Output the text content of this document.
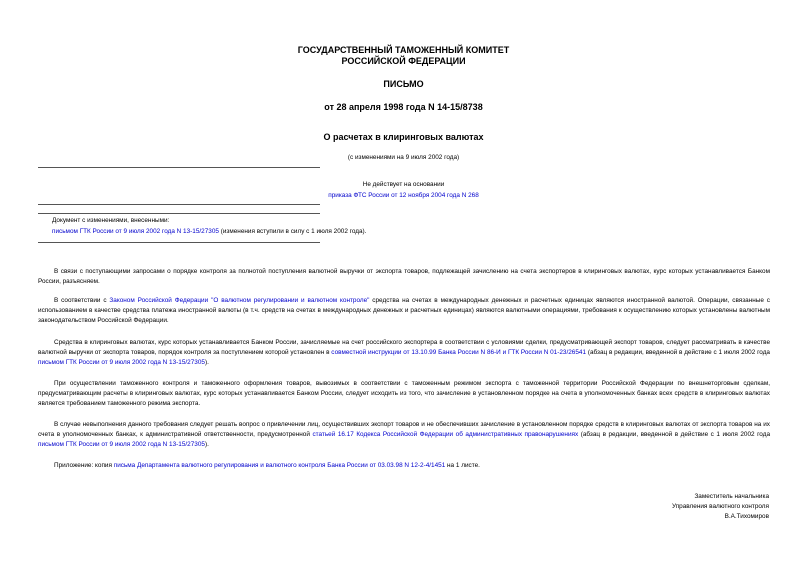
ГОСУДАРСТВЕННЫЙ ТАМОЖЕННЫЙ КОМИТЕТ
РОССИЙСКОЙ ФЕДЕРАЦИИ
ПИСЬМО
от 28 апреля 1998 года N 14-15/8738
О расчетах в клиринговых валютах
(с изменениями на 9 июля 2002 года)
Не действует на основании
приказа ФТС России от 12 ноября 2004 года N 268
Документ с изменениями, внесенными:
письмом ГТК России от 9 июля 2002 года N 13-15/27305 (изменения вступили в силу с 1 июля 2002 года).
В связи с поступающими запросами о порядке контроля за полнотой поступления валютной выручки от экспорта товаров, подлежащей зачислению на счета экспортеров в клиринговых валютах, курс которых устанавливается Банком России, разъясняем.
В соответствии с Законом Российской Федерации "О валютном регулировании и валютном контроле" средства на счетах в международных денежных и расчетных единицах являются иностранной валютой. Операции, связанные с использованием в качестве средства платежа иностранной валюты (в т.ч. средств на счетах в международных денежных и расчетных единицах) являются валютными операциями, требования к осуществлению которых установлены валютным законодательством Российской Федерации.
Средства в клиринговых валютах, курс которых устанавливается Банком России, зачисляемые на счет российского экспортера в соответствии с условиями сделки, предусматривающей экспорт товаров, следует рассматривать в качестве валютной выручки от экспорта товаров, порядок контроля за поступлением которой установлен в совместной инструкции от 13.10.99 Банка России N 86-И и ГТК России N 01-23/26541 (абзац в редакции, введенной в действие с 1 июля 2002 года письмом ГТК России от 9 июля 2002 года N 13-15/27305).
При осуществлении таможенного контроля и таможенного оформления товаров, вывозимых в соответствии с таможенным режимом экспорта с таможенной территории Российской Федерации по внешнеторговым сделкам, предусматривающим расчеты в клиринговых валютах, курс которых устанавливается Банком России, следует исходить из того, что зачисление в установленном порядке на счета в уполномоченных банках всех средств в клиринговых валютах является требованием таможенного режима экспорта.
В случае невыполнения данного требования следует решать вопрос о привлечении лиц, осуществивших экспорт товаров и не обеспечивших зачисление в установленном порядке средств в клиринговых валютах от экспорта товаров на их счета в уполномоченных банках, к административной ответственности, предусмотренной статьей 16.17 Кодекса Российской Федерации об административных правонарушениях (абзац в редакции, введенной в действие с 1 июля 2002 года письмом ГТК России от 9 июля 2002 года N 13-15/27305).
Приложение: копия письма Департамента валютного регулирования и валютного контроля Банка России от 03.03.98 N 12-2-4/1451 на 1 листе.
Заместитель начальника
Управления валютного контроля
В.А.Тихомиров
